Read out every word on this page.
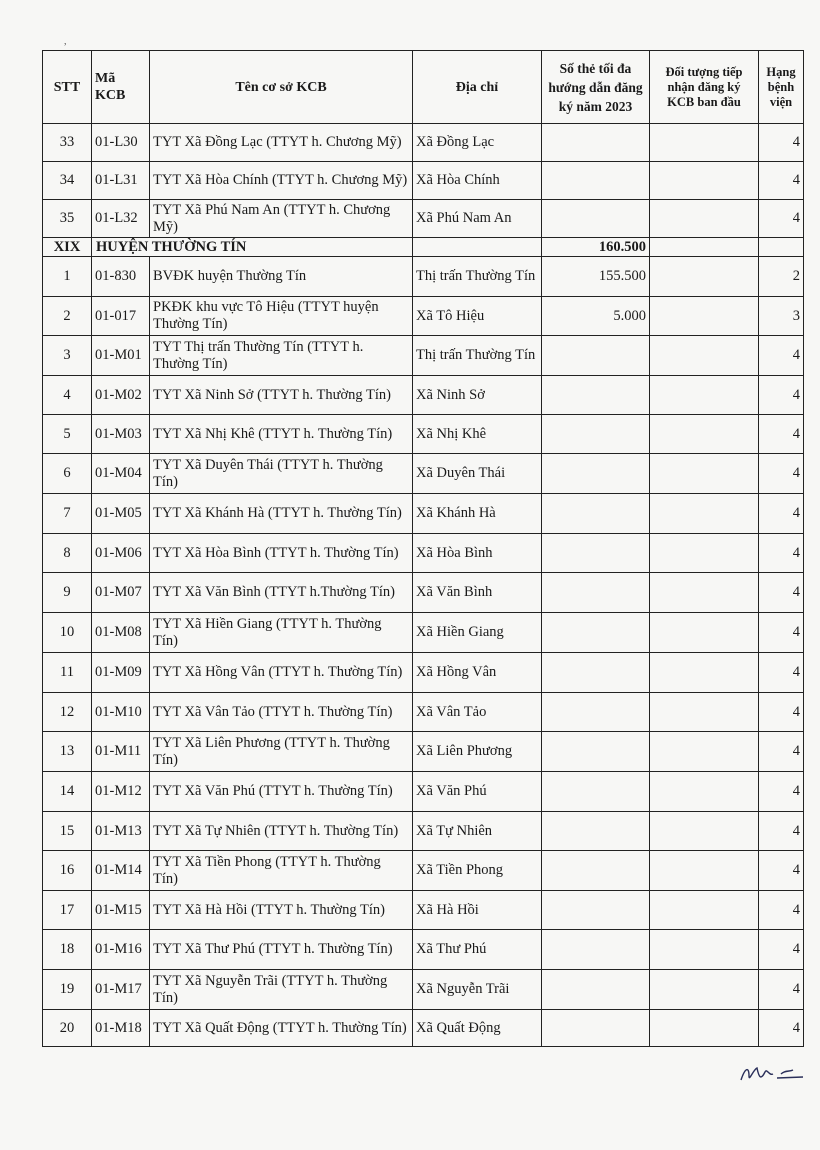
,
STT	Mã KCB	Tên cơ sở KCB	Địa chỉ	Số thẻ tối đa hướng dẫn đăng ký năm 2023	Đối tượng tiếp nhận đăng ký KCB ban đầu	Hạng bệnh viện
33	01-L30	TYT Xã Đồng Lạc (TTYT h. Chương Mỹ)	Xã Đồng Lạc			4
34	01-L31	TYT Xã Hòa Chính (TTYT h. Chương Mỹ)	Xã Hòa Chính			4
35	01-L32	TYT Xã Phú Nam An (TTYT h. Chương Mỹ)	Xã Phú Nam An			4
XIX	HUYỆN THƯỜNG TÍN			160.500		
1	01-830	BVĐK huyện Thường Tín	Thị trấn Thường Tín	155.500		2
2	01-017	PKĐK khu vực Tô Hiệu (TTYT huyện Thường Tín)	Xã Tô Hiệu	5.000		3
3	01-M01	TYT Thị trấn Thường Tín (TTYT h. Thường Tín)	Thị trấn Thường Tín			4
4	01-M02	TYT Xã Ninh Sở (TTYT h. Thường Tín)	Xã Ninh Sở			4
5	01-M03	TYT Xã Nhị Khê (TTYT h. Thường Tín)	Xã Nhị Khê			4
6	01-M04	TYT Xã Duyên Thái (TTYT h. Thường Tín)	Xã Duyên Thái			4
7	01-M05	TYT Xã Khánh Hà (TTYT h. Thường Tín)	Xã Khánh Hà			4
8	01-M06	TYT Xã Hòa Bình (TTYT h. Thường Tín)	Xã Hòa Bình			4
9	01-M07	TYT Xã Văn Bình (TTYT h.Thường Tín)	Xã Văn Bình			4
10	01-M08	TYT Xã Hiền Giang (TTYT h. Thường Tín)	Xã Hiền Giang			4
11	01-M09	TYT Xã Hồng Vân (TTYT h. Thường Tín)	Xã Hồng Vân			4
12	01-M10	TYT Xã Vân Tảo (TTYT h. Thường Tín)	Xã Vân Tảo			4
13	01-M11	TYT Xã Liên Phương (TTYT h. Thường Tín)	Xã Liên Phương			4
14	01-M12	TYT Xã Văn Phú (TTYT h. Thường Tín)	Xã Văn Phú			4
15	01-M13	TYT Xã Tự Nhiên (TTYT h. Thường Tín)	Xã Tự Nhiên			4
16	01-M14	TYT Xã Tiền Phong (TTYT h. Thường Tín)	Xã Tiền Phong			4
17	01-M15	TYT Xã Hà Hồi (TTYT h. Thường Tín)	Xã Hà Hồi			4
18	01-M16	TYT Xã Thư Phú (TTYT h. Thường Tín)	Xã Thư Phú			4
19	01-M17	TYT Xã Nguyễn Trãi (TTYT h. Thường Tín)	Xã Nguyễn Trãi			4
20	01-M18	TYT Xã Quất Động (TTYT h. Thường Tín)	Xã Quất Động			4
